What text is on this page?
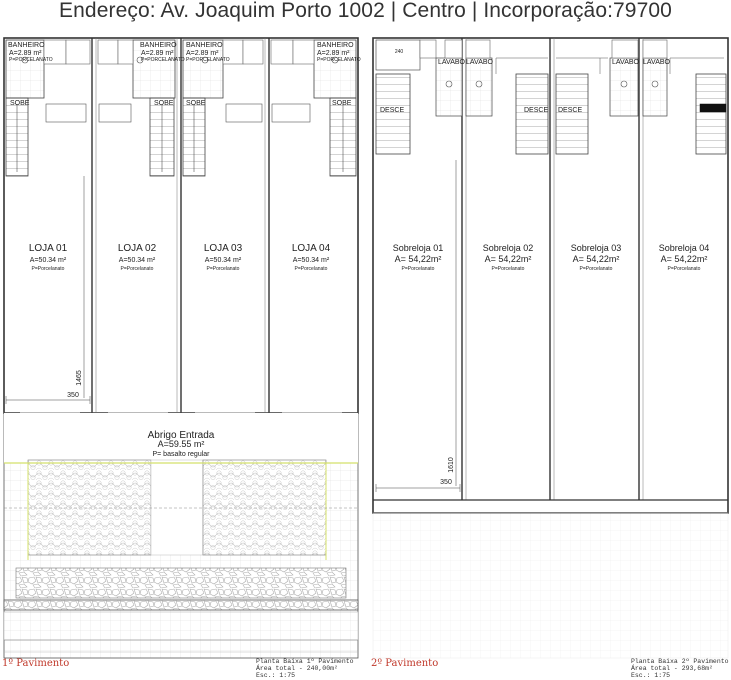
Endereço: Av. Joaquim Porto 1002 | Centro | Incorporação:79700
BANHEIRO
A=2.89 m²
P=PORCELANATO
BANHEIRO
A=2.89 m²
P=PORCELANATO
BANHEIRO
A=2.89 m²
P=PORCELANATO
BANHEIRO
A=2.89 m²
P=PORCELANATO
SOBE	SOBE SOBE	SOBE
LOJA 01
A=50.34 m²
P=Porcelanato
LOJA 02
A=50.34 m²
P=Porcelanato
LOJA 03
A=50.34 m²
P=Porcelanato
LOJA 04
A=50.34 m²
P=Porcelanato
350
1465
Abrigo Entrada
A=59.55 m²
P= basalto regular
240
LAVABO LAVABO	LAVABO LAVABO
DESCE	DESCE DESCE
Sobreloja 01
A= 54,22m²
P=Porcelanato
Sobreloja 02
A= 54,22m²
P=Porcelanato
Sobreloja 03
A= 54,22m²
P=Porcelanato
Sobreloja 04
A= 54,22m²
P=Porcelanato
350
1610
1º Pavimento	Planta Baixa 1º Pavimento
Área total - 240,00m²
Esc.: 1:75
2º Pavimento	Planta Baixa 2º Pavimento
Área total - 293,68m²
Esc.: 1:75
